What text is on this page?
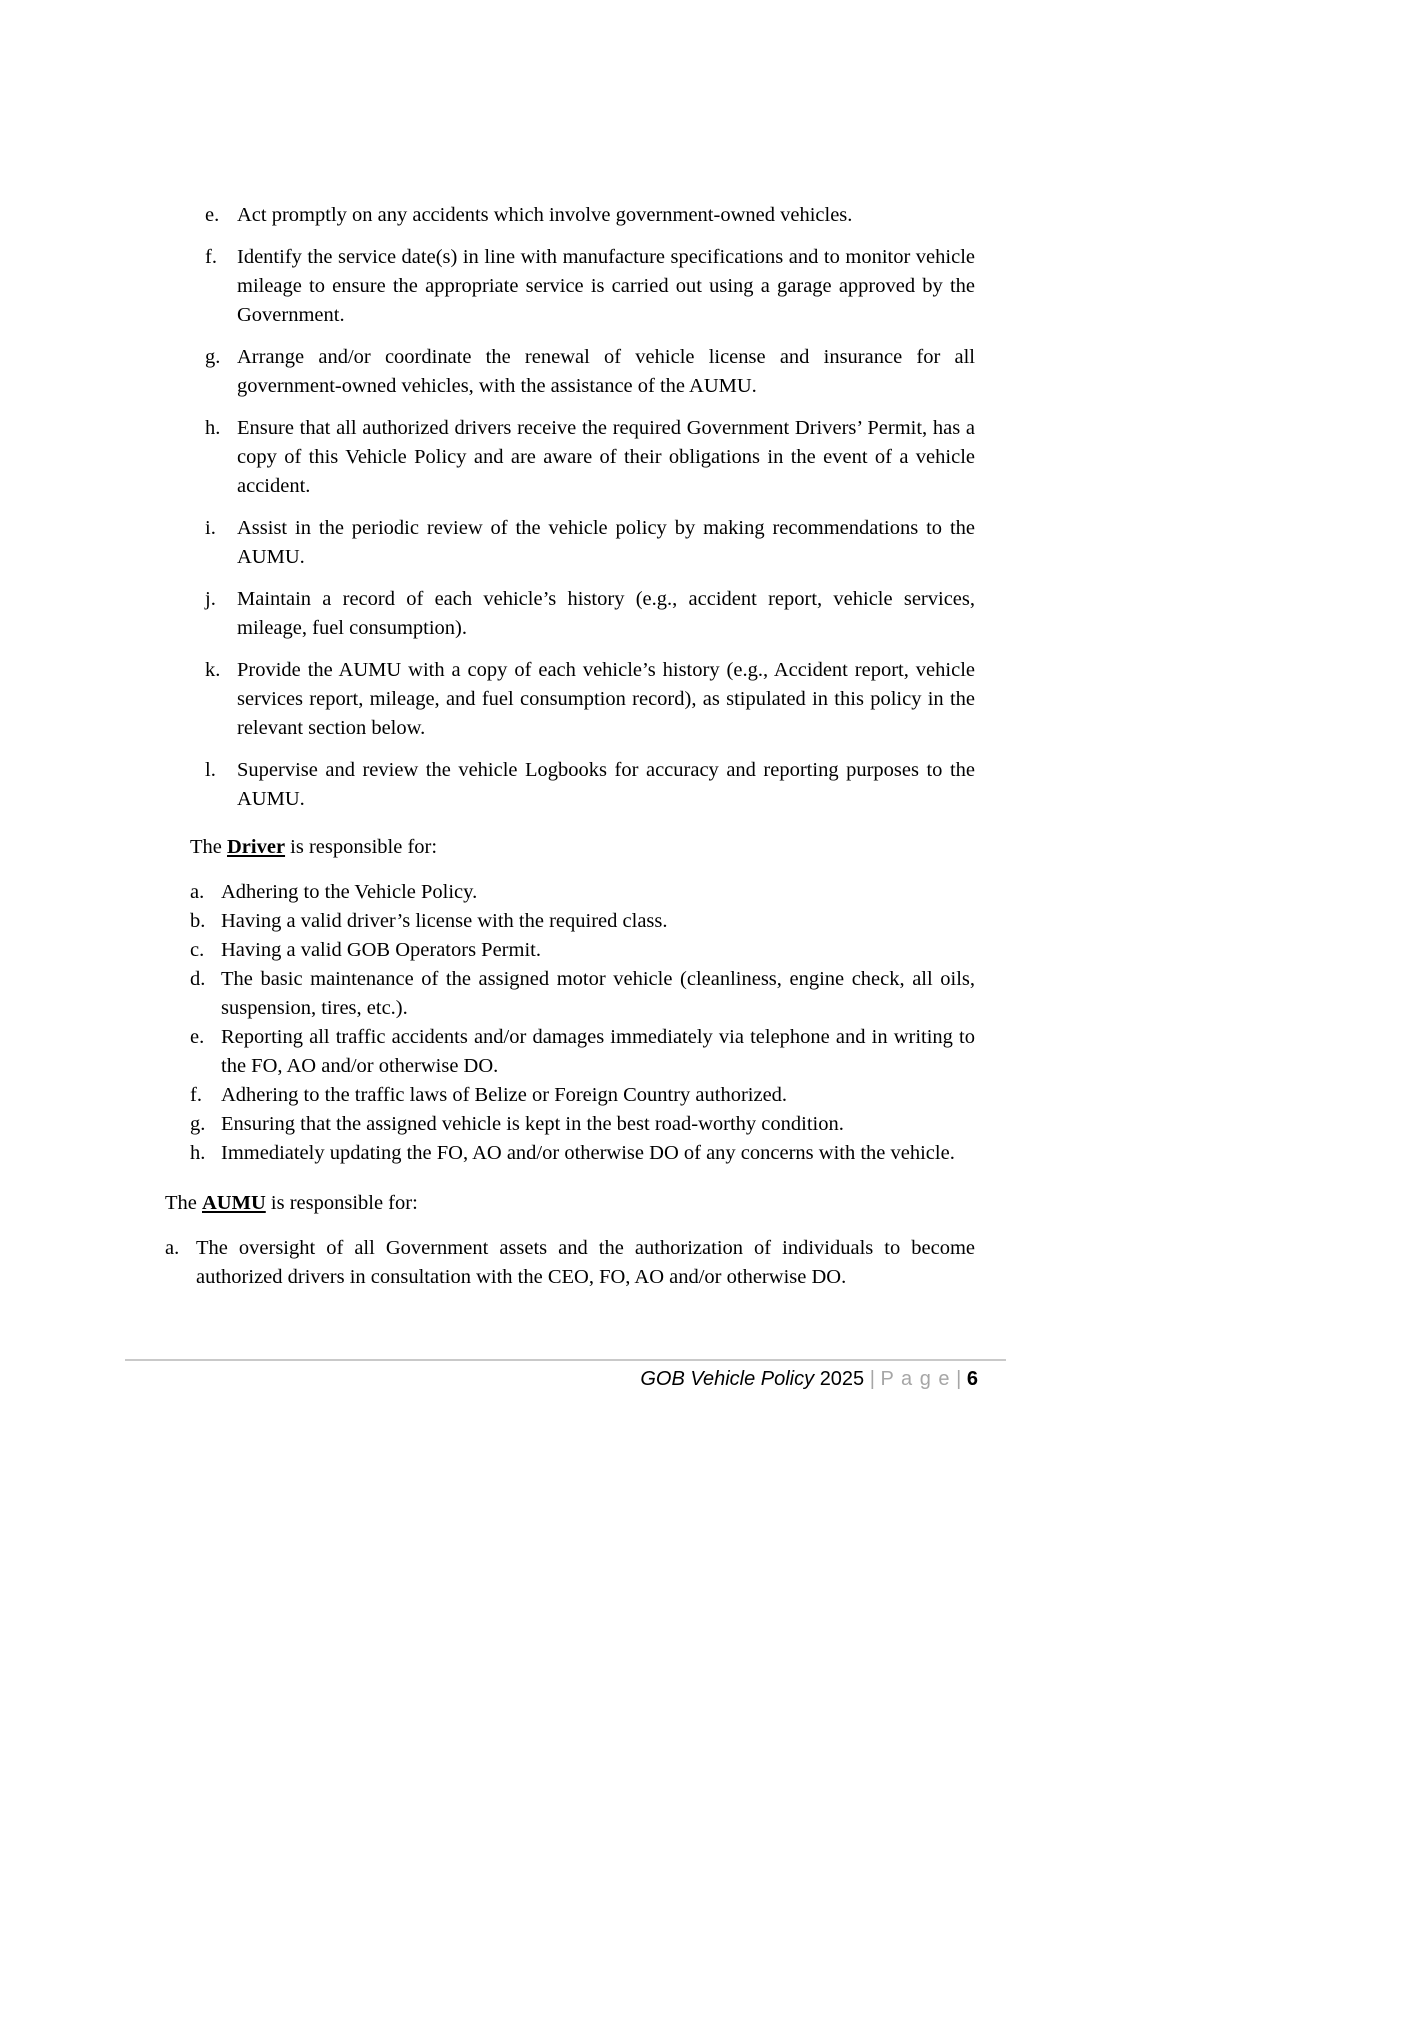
e. Act promptly on any accidents which involve government-owned vehicles.
f. Identify the service date(s) in line with manufacture specifications and to monitor vehicle mileage to ensure the appropriate service is carried out using a garage approved by the Government.
g. Arrange and/or coordinate the renewal of vehicle license and insurance for all government-owned vehicles, with the assistance of the AUMU.
h. Ensure that all authorized drivers receive the required Government Drivers’ Permit, has a copy of this Vehicle Policy and are aware of their obligations in the event of a vehicle accident.
i.	Assist in the periodic review of the vehicle policy by making recommendations to the AUMU.
j.	Maintain a record of each vehicle’s history (e.g., accident report, vehicle services, mileage, fuel consumption).
k. Provide the AUMU with a copy of each vehicle’s history (e.g., Accident report, vehicle services report, mileage, and fuel consumption record), as stipulated in this policy in the relevant section below.
l.	Supervise and review the vehicle Logbooks for accuracy and reporting purposes to the AUMU.

The Driver is responsible for:

a. Adhering to the Vehicle Policy.
b. Having a valid driver’s license with the required class.
c. Having a valid GOB Operators Permit.
d. The basic maintenance of the assigned motor vehicle (cleanliness, engine check, all oils, suspension, tires, etc.).
e. Reporting all traffic accidents and/or damages immediately via telephone and in writing to the FO, AO and/or otherwise DO.
f. Adhering to the traffic laws of Belize or Foreign Country authorized.
g. Ensuring that the assigned vehicle is kept in the best road-worthy condition.
h. Immediately updating the FO, AO and/or otherwise DO of any concerns with the vehicle.

The AUMU is responsible for:

a. The oversight of all Government assets and the authorization of individuals to become authorized drivers in consultation with the CEO, FO, AO and/or otherwise DO.
GOB Vehicle Policy 2025 | P a g e | 6
